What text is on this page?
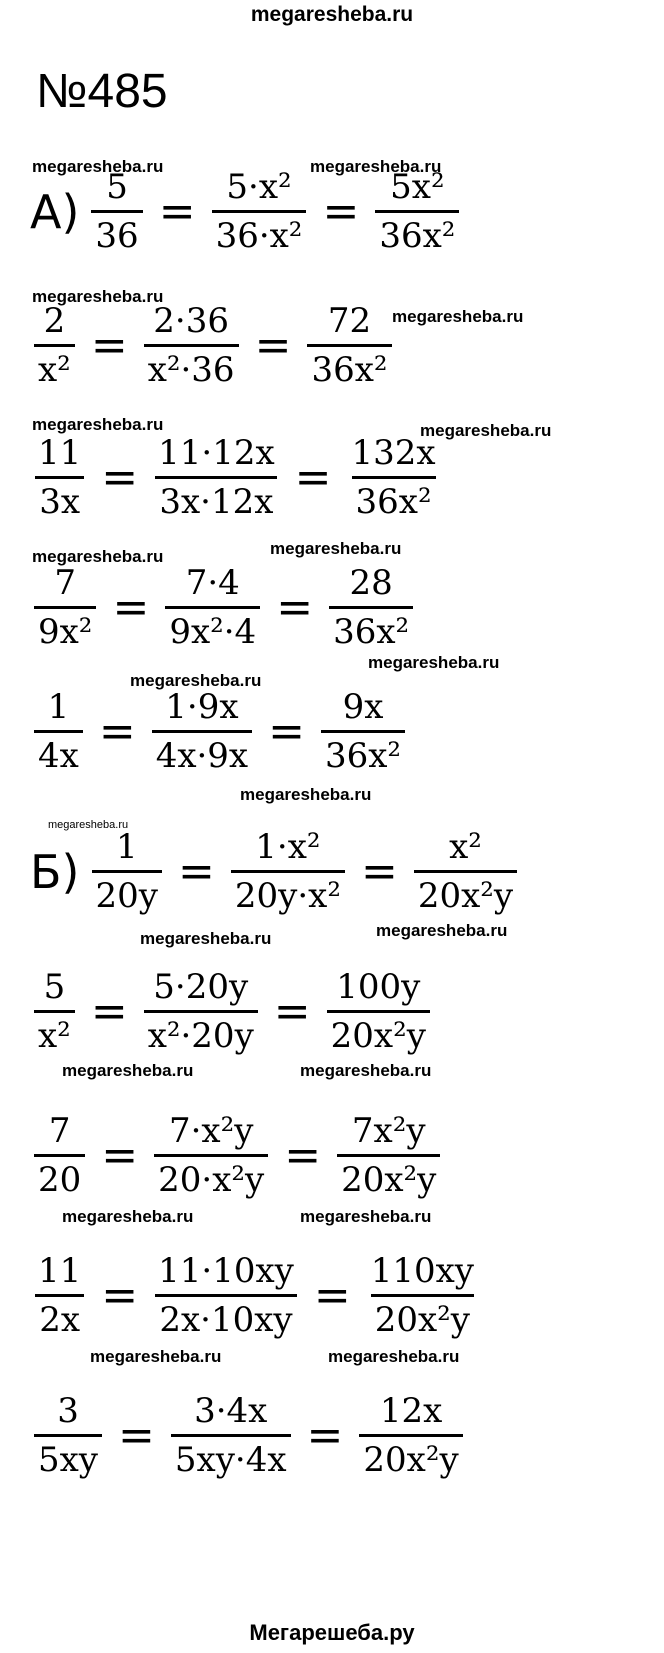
megaresheba.ru
№485
$А) \frac{5}{36} = \frac{\text{5·x²}}{\text{36·x²}} = \frac{\text{5x²}}{\text{36x²}}$
$\frac{2}{\text{x²}} = \frac{2\cdot 36}{\text{x²·36}} = \frac{72}{\text{36x²}}$
$\frac{11}{3x} = \frac{11\cdot 12x}{3x\cdot 12x} = \frac{132x}{\text{36x²}}$
$\frac{7}{\text{9x²}} = \frac{7\cdot 4}{\text{9x²·4}} = \frac{28}{\text{36x²}}$
$\frac{1}{4x} = \frac{1\cdot 9x}{4x\cdot 9x} = \frac{9x}{\text{36x²}}$
$Б) \frac{1}{20y} = \frac{\text{1·x²}}{\text{20y·x²}} = \frac{\text{x²}}{\text{20x²y}}$
$\frac{5}{\text{x²}} = \frac{5\cdot 20y}{\text{x²·20y}} = \frac{100y}{\text{20x²y}}$
$\frac{7}{20} = \frac{\text{7·x²y}}{\text{20·x²y}} = \frac{\text{7x²y}}{\text{20x²y}}$
$\frac{11}{2x} = \frac{11\cdot 10xy}{2x\cdot 10xy} = \frac{110xy}{\text{20x²y}}$
$\frac{3}{5xy} = \frac{3\cdot 4x}{5xy\cdot 4x} = \frac{12x}{\text{20x²y}}$
megaresheba.ru	megaresheba.ru
megaresheba.ru
megaresheba.ru
megaresheba.ru	megaresheba.ru
megaresheba.ru	megaresheba.ru
megaresheba.ru
megaresheba.ru
megaresheba.ru
megaresheba.ru
megaresheba.ru	megaresheba.ru
megaresheba.ru	megaresheba.ru
megaresheba.ru	megaresheba.ru
megaresheba.ru	megaresheba.ru
Мегарешеба.ру
